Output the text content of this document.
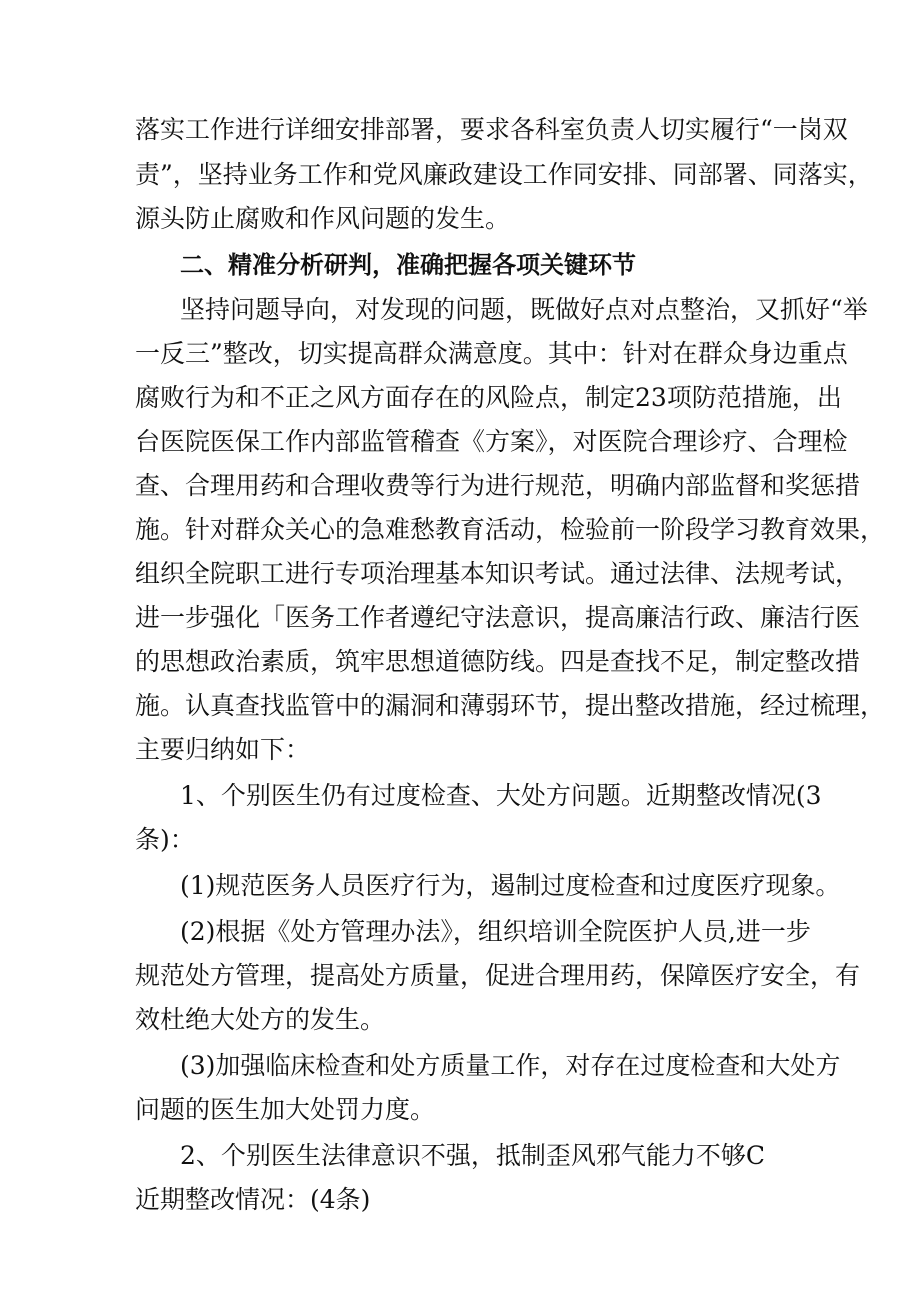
落实工作进行详细安排部署，要求各科室负责人切实履行“一岗双
责”，坚持业务工作和党风廉政建设工作同安排、同部署、同落实，
源头防止腐败和作风问题的发生。
二、精准分析研判，准确把握各项关键环节
坚持问题导向，对发现的问题，既做好点对点整治，又抓好“举
一反三”整改，切实提高群众满意度。其中：针对在群众身边重点
腐败行为和不正之风方面存在的风险点，制定23项防范措施，出
台医院医保工作内部监管稽查《方案》，对医院合理诊疗、合理检
查、合理用药和合理收费等行为进行规范，明确内部监督和奖惩措
施。针对群众关心的急难愁教育活动，检验前一阶段学习教育效果，
组织全院职工进行专项治理基本知识考试。通过法律、法规考试，
进一步强化「医务工作者遵纪守法意识，提高廉洁行政、廉洁行医
的思想政治素质，筑牢思想道德防线。四是查找不足，制定整改措
施。认真查找监管中的漏洞和薄弱环节，提出整改措施，经过梳理，
主要归纳如下：
1、个别医生仍有过度检查、大处方问题。近期整改情况(3
条)：
(1)规范医务人员医疗行为，遏制过度检查和过度医疗现象。
(2)根据《处方管理办法》，组织培训全院医护人员,进一步
规范处方管理，提高处方质量，促进合理用药，保障医疗安全，有
效杜绝大处方的发生。
(3)加强临床检查和处方质量工作，对存在过度检查和大处方
问题的医生加大处罚力度。
2、个别医生法律意识不强，抵制歪风邪气能力不够C
近期整改情况：(4条)
